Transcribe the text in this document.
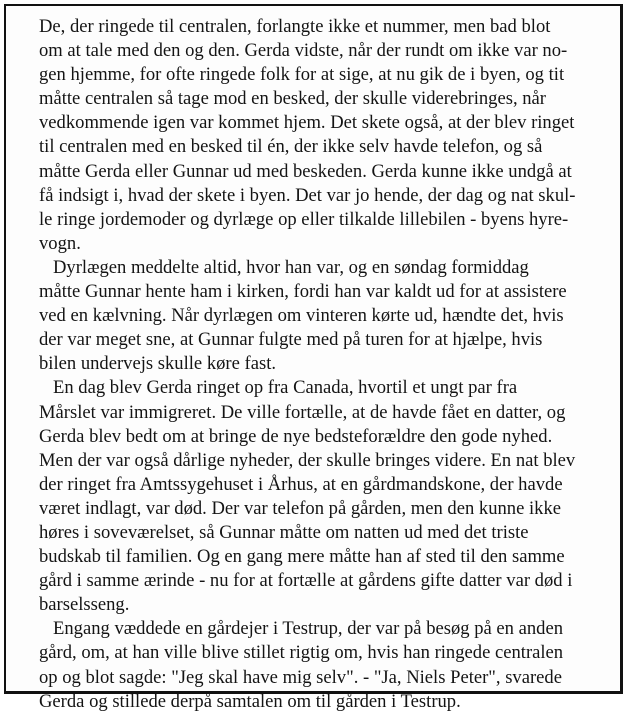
De, der ringede til centralen, forlangte ikke et nummer, men bad blot
om at tale med den og den. Gerda vidste, når der rundt om ikke var no-
gen hjemme, for ofte ringede folk for at sige, at nu gik de i byen, og tit
måtte centralen så tage mod en besked, der skulle viderebringes, når
vedkommende igen var kommet hjem. Det skete også, at der blev ringet
til centralen med en besked til én, der ikke selv havde telefon, og så
måtte Gerda eller Gunnar ud med beskeden. Gerda kunne ikke undgå at
få indsigt i, hvad der skete i byen. Det var jo hende, der dag og nat skul-
le ringe jordemoder og dyrlæge op eller tilkalde lillebilen - byens hyre-
vogn.
Dyrlægen meddelte altid, hvor han var, og en søndag formiddag
måtte Gunnar hente ham i kirken, fordi han var kaldt ud for at assistere
ved en kælvning. Når dyrlægen om vinteren kørte ud, hændte det, hvis
der var meget sne, at Gunnar fulgte med på turen for at hjælpe, hvis
bilen undervejs skulle køre fast.
En dag blev Gerda ringet op fra Canada, hvortil et ungt par fra
Mårslet var immigreret. De ville fortælle, at de havde fået en datter, og
Gerda blev bedt om at bringe de nye bedsteforældre den gode nyhed.
Men der var også dårlige nyheder, der skulle bringes videre. En nat blev
der ringet fra Amtssygehuset i Århus, at en gårdmandskone, der havde
været indlagt, var død. Der var telefon på gården, men den kunne ikke
høres i soveværelset, så Gunnar måtte om natten ud med det triste
budskab til familien. Og en gang mere måtte han af sted til den samme
gård i samme ærinde - nu for at fortælle at gårdens gifte datter var død i
barselsseng.
Engang væddede en gårdejer i Testrup, der var på besøg på en anden
gård, om, at han ville blive stillet rigtig om, hvis han ringede centralen
op og blot sagde: "Jeg skal have mig selv". - "Ja, Niels Peter", svarede
Gerda og stillede derpå samtalen om til gården i Testrup.
